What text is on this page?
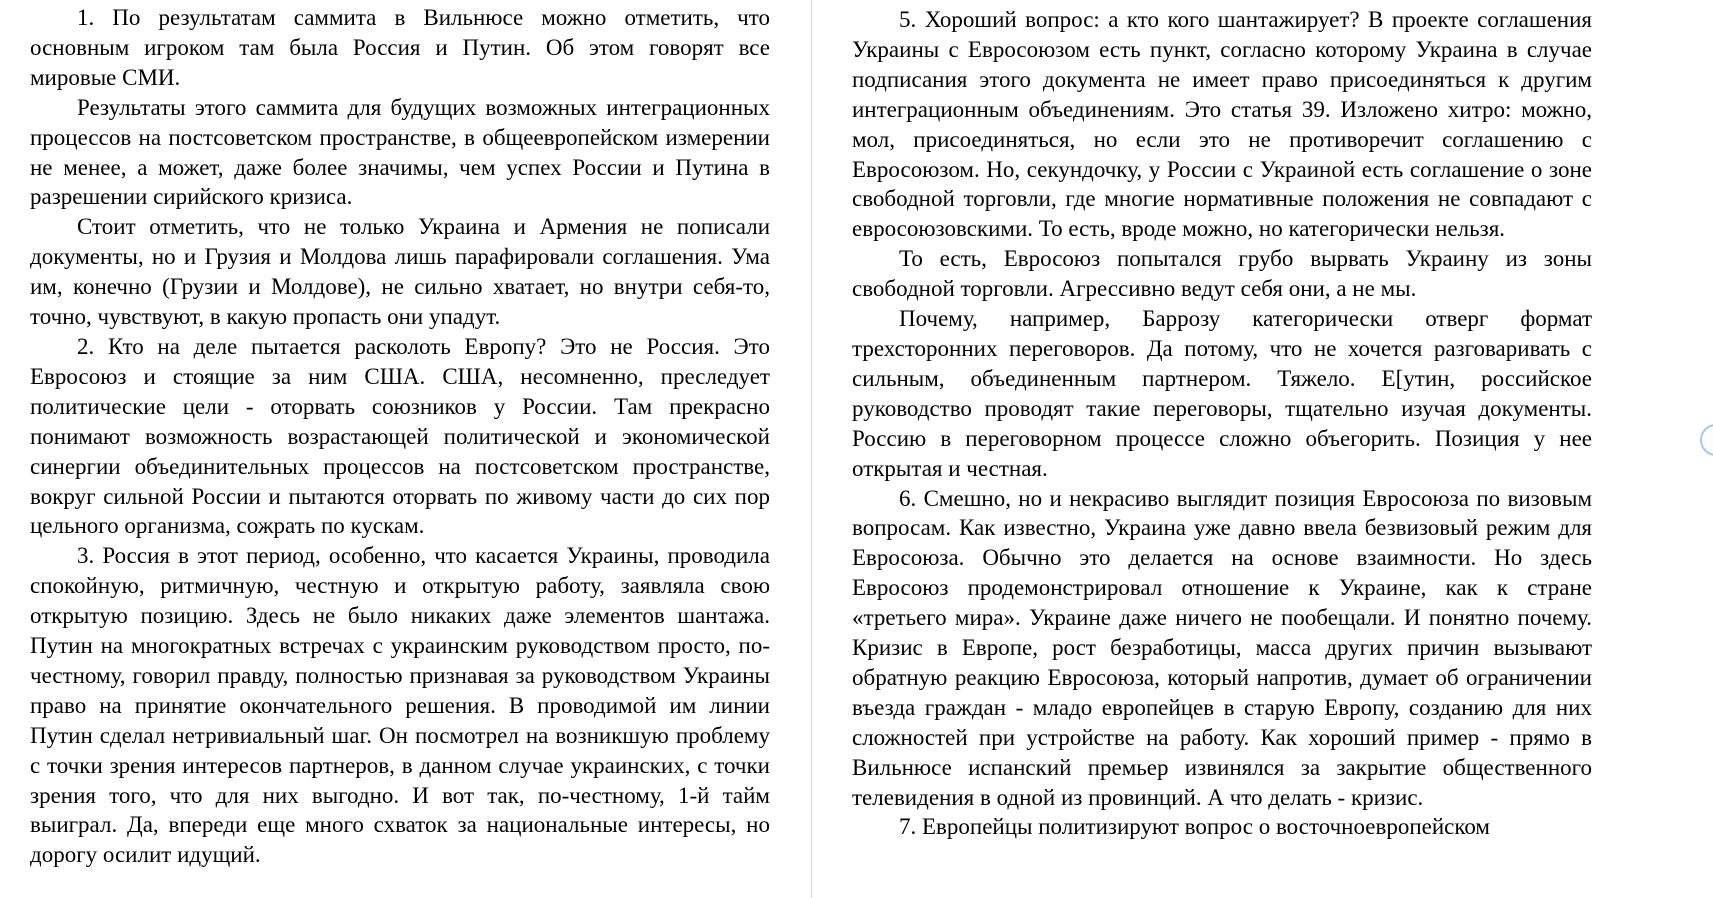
1. По результатам саммита в Вильнюсе можно отметить, что основным игроком там была Россия и Путин. Об этом говорят все мировые СМИ.

Результаты этого саммита для будущих возможных интеграционных процессов на постсоветском пространстве, в общеевропейском измерении не менее, а может, даже более значимы, чем успех России и Путина в разрешении сирийского кризиса.

Стоит отметить, что не только Украина и Армения не пописали документы, но и Грузия и Молдова лишь парафировали соглашения. Ума им, конечно (Грузии и Молдове), не сильно хватает, но внутри себя-то, точно, чувствуют, в какую пропасть они упадут.

2. Кто на деле пытается расколоть Европу? Это не Россия. Это Евросоюз и стоящие за ним США. США, несомненно, преследует политические цели - оторвать союзников у России. Там прекрасно понимают возможность возрастающей политической и экономической синергии объединительных процессов на постсоветском пространстве, вокруг сильной России и пытаются оторвать по живому части до сих пор цельного организма, сожрать по кускам.

3. Россия в этот период, особенно, что касается Украины, проводила спокойную, ритмичную, честную и открытую работу, заявляла свою открытую позицию. Здесь не было никаких даже элементов шантажа. Путин на многократных встречах с украинским руководством просто, по-честному, говорил правду, полностью признавая за руководством Украины право на принятие окончательного решения. В проводимой им линии Путин сделал нетривиальный шаг. Он посмотрел на возникшую проблему с точки зрения интересов партнеров, в данном случае украинских, с точки зрения того, что для них выгодно. И вот так, по-честному, 1-й тайм выиграл. Да, впереди еще много схваток за национальные интересы, но дорогу осилит идущий.

5. Хороший вопрос: а кто кого шантажирует? В проекте соглашения Украины с Евросоюзом есть пункт, согласно которому Украина в случае подписания этого документа не имеет право присоединяться к другим интеграционным объединениям. Это статья 39. Изложено хитро: можно, мол, присоединяться, но если это не противоречит соглашению с Евросоюзом. Но, секундочку, у России с Украиной есть соглашение о зоне свободной торговли, где многие нормативные положения не совпадают с евросоюзовскими. То есть, вроде можно, но категорически нельзя.

То есть, Евросоюз попытался грубо вырвать Украину из зоны свободной торговли. Агрессивно ведут себя они, а не мы.

Почему, например, Баррозу категорически отверг формат трехсторонних переговоров. Да потому, что не хочется разговаривать с сильным, объединенным партнером. Тяжело. Е[утин, российское руководство проводят такие переговоры, тщательно изучая документы. Россию в переговорном процессе сложно объегорить. Позиция у нее открытая и честная.

6. Смешно, но и некрасиво выглядит позиция Евросоюза по визовым вопросам. Как известно, Украина уже давно ввела безвизовый режим для Евросоюза. Обычно это делается на основе взаимности. Но здесь Евросоюз продемонстрировал отношение к Украине, как к стране «третьего мира». Украине даже ничего не пообещали. И понятно почему. Кризис в Европе, рост безработицы, масса других причин вызывают обратную реакцию Евросоюза, который напротив, думает об ограничении въезда граждан - младо европейцев в старую Европу, созданию для них сложностей при устройстве на работу. Как хороший пример - прямо в Вильнюсе испанский премьер извинялся за закрытие общественного телевидения в одной из провинций. А что делать - кризис.

7. Европейцы политизируют вопрос о восточноевропейском
